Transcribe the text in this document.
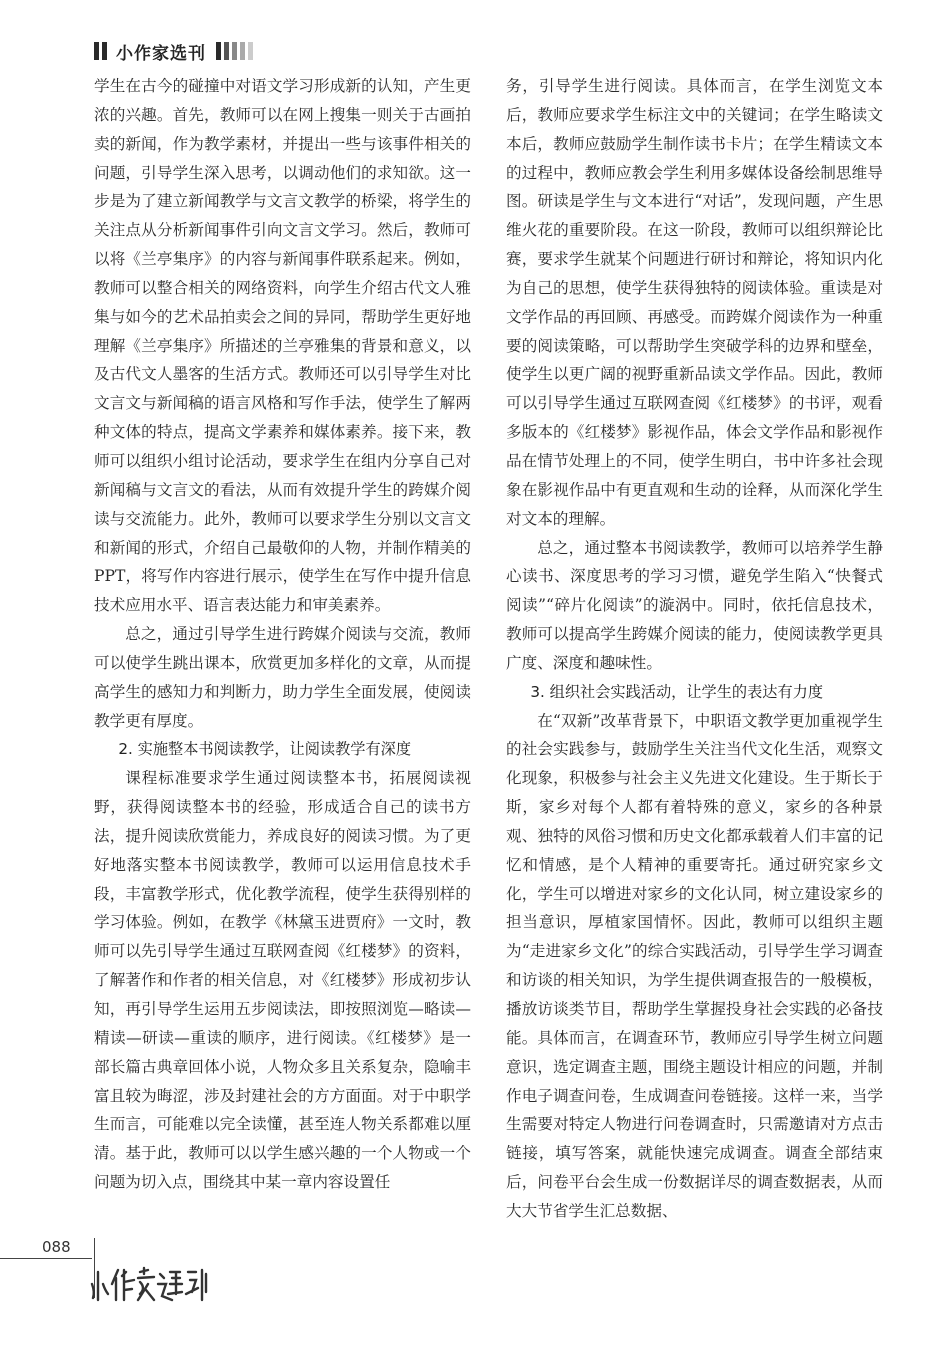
小作家选刊

学生在古今的碰撞中对语文学习形成新的认知，产生更浓的兴趣。首先，教师可以在网上搜集一则关于古画拍卖的新闻，作为教学素材，并提出一些与该事件相关的问题，引导学生深入思考，以调动他们的求知欲。这一步是为了建立新闻教学与文言文教学的桥梁，将学生的关注点从分析新闻事件引向文言文学习。然后，教师可以将《兰亭集序》的内容与新闻事件联系起来。例如，教师可以整合相关的网络资料，向学生介绍古代文人雅集与如今的艺术品拍卖会之间的异同，帮助学生更好地理解《兰亭集序》所描述的兰亭雅集的背景和意义，以及古代文人墨客的生活方式。教师还可以引导学生对比文言文与新闻稿的语言风格和写作手法，使学生了解两种文体的特点，提高文学素养和媒体素养。接下来，教师可以组织小组讨论活动，要求学生在组内分享自己对新闻稿与文言文的看法，从而有效提升学生的跨媒介阅读与交流能力。此外，教师可以要求学生分别以文言文和新闻的形式，介绍自己最敬仰的人物，并制作精美的 PPT，将写作内容进行展示，使学生在写作中提升信息技术应用水平、语言表达能力和审美素养。

总之，通过引导学生进行跨媒介阅读与交流，教师可以使学生跳出课本，欣赏更加多样化的文章，从而提高学生的感知力和判断力，助力学生全面发展，使阅读教学更有厚度。

2. 实施整本书阅读教学，让阅读教学有深度

课程标准要求学生通过阅读整本书，拓展阅读视野，获得阅读整本书的经验，形成适合自己的读书方法，提升阅读欣赏能力，养成良好的阅读习惯。为了更好地落实整本书阅读教学，教师可以运用信息技术手段，丰富教学形式，优化教学流程，使学生获得别样的学习体验。例如，在教学《林黛玉进贾府》一文时，教师可以先引导学生通过互联网查阅《红楼梦》的资料，了解著作和作者的相关信息，对《红楼梦》形成初步认知，再引导学生运用五步阅读法，即按照浏览—略读—精读—研读—重读的顺序，进行阅读。《红楼梦》是一部长篇古典章回体小说，人物众多且关系复杂，隐喻丰富且较为晦涩，涉及封建社会的方方面面。对于中职学生而言，可能难以完全读懂，甚至连人物关系都难以厘清。基于此，教师可以以学生感兴趣的一个人物或一个问题为切入点，围绕其中某一章内容设置任

务，引导学生进行阅读。具体而言，在学生浏览文本后，教师应要求学生标注文中的关键词；在学生略读文本后，教师应鼓励学生制作读书卡片；在学生精读文本的过程中，教师应教会学生利用多媒体设备绘制思维导图。研读是学生与文本进行“对话”，发现问题，产生思维火花的重要阶段。在这一阶段，教师可以组织辩论比赛，要求学生就某个问题进行研讨和辩论，将知识内化为自己的思想，使学生获得独特的阅读体验。重读是对文学作品的再回顾、再感受。而跨媒介阅读作为一种重要的阅读策略，可以帮助学生突破学科的边界和壁垒，使学生以更广阔的视野重新品读文学作品。因此，教师可以引导学生通过互联网查阅《红楼梦》的书评，观看多版本的《红楼梦》影视作品，体会文学作品和影视作品在情节处理上的不同，使学生明白，书中许多社会现象在影视作品中有更直观和生动的诠释，从而深化学生对文本的理解。

总之，通过整本书阅读教学，教师可以培养学生静心读书、深度思考的学习习惯，避免学生陷入“快餐式阅读”“碎片化阅读”的漩涡中。同时，依托信息技术，教师可以提高学生跨媒介阅读的能力，使阅读教学更具广度、深度和趣味性。

3. 组织社会实践活动，让学生的表达有力度

在“双新”改革背景下，中职语文教学更加重视学生的社会实践参与，鼓励学生关注当代文化生活，观察文化现象，积极参与社会主义先进文化建设。生于斯长于斯，家乡对每个人都有着特殊的意义，家乡的各种景观、独特的风俗习惯和历史文化都承载着人们丰富的记忆和情感，是个人精神的重要寄托。通过研究家乡文化，学生可以增进对家乡的文化认同，树立建设家乡的担当意识，厚植家国情怀。因此，教师可以组织主题为“走进家乡文化”的综合实践活动，引导学生学习调查和访谈的相关知识，为学生提供调查报告的一般模板，播放访谈类节目，帮助学生掌握投身社会实践的必备技能。具体而言，在调查环节，教师应引导学生树立问题意识，选定调查主题，围绕主题设计相应的问题，并制作电子调查问卷，生成调查问卷链接。这样一来，当学生需要对特定人物进行问卷调查时，只需邀请对方点击链接，填写答案，就能快速完成调查。调查全部结束后，问卷平台会生成一份数据详尽的调查数据表，从而大大节省学生汇总数据、

088
